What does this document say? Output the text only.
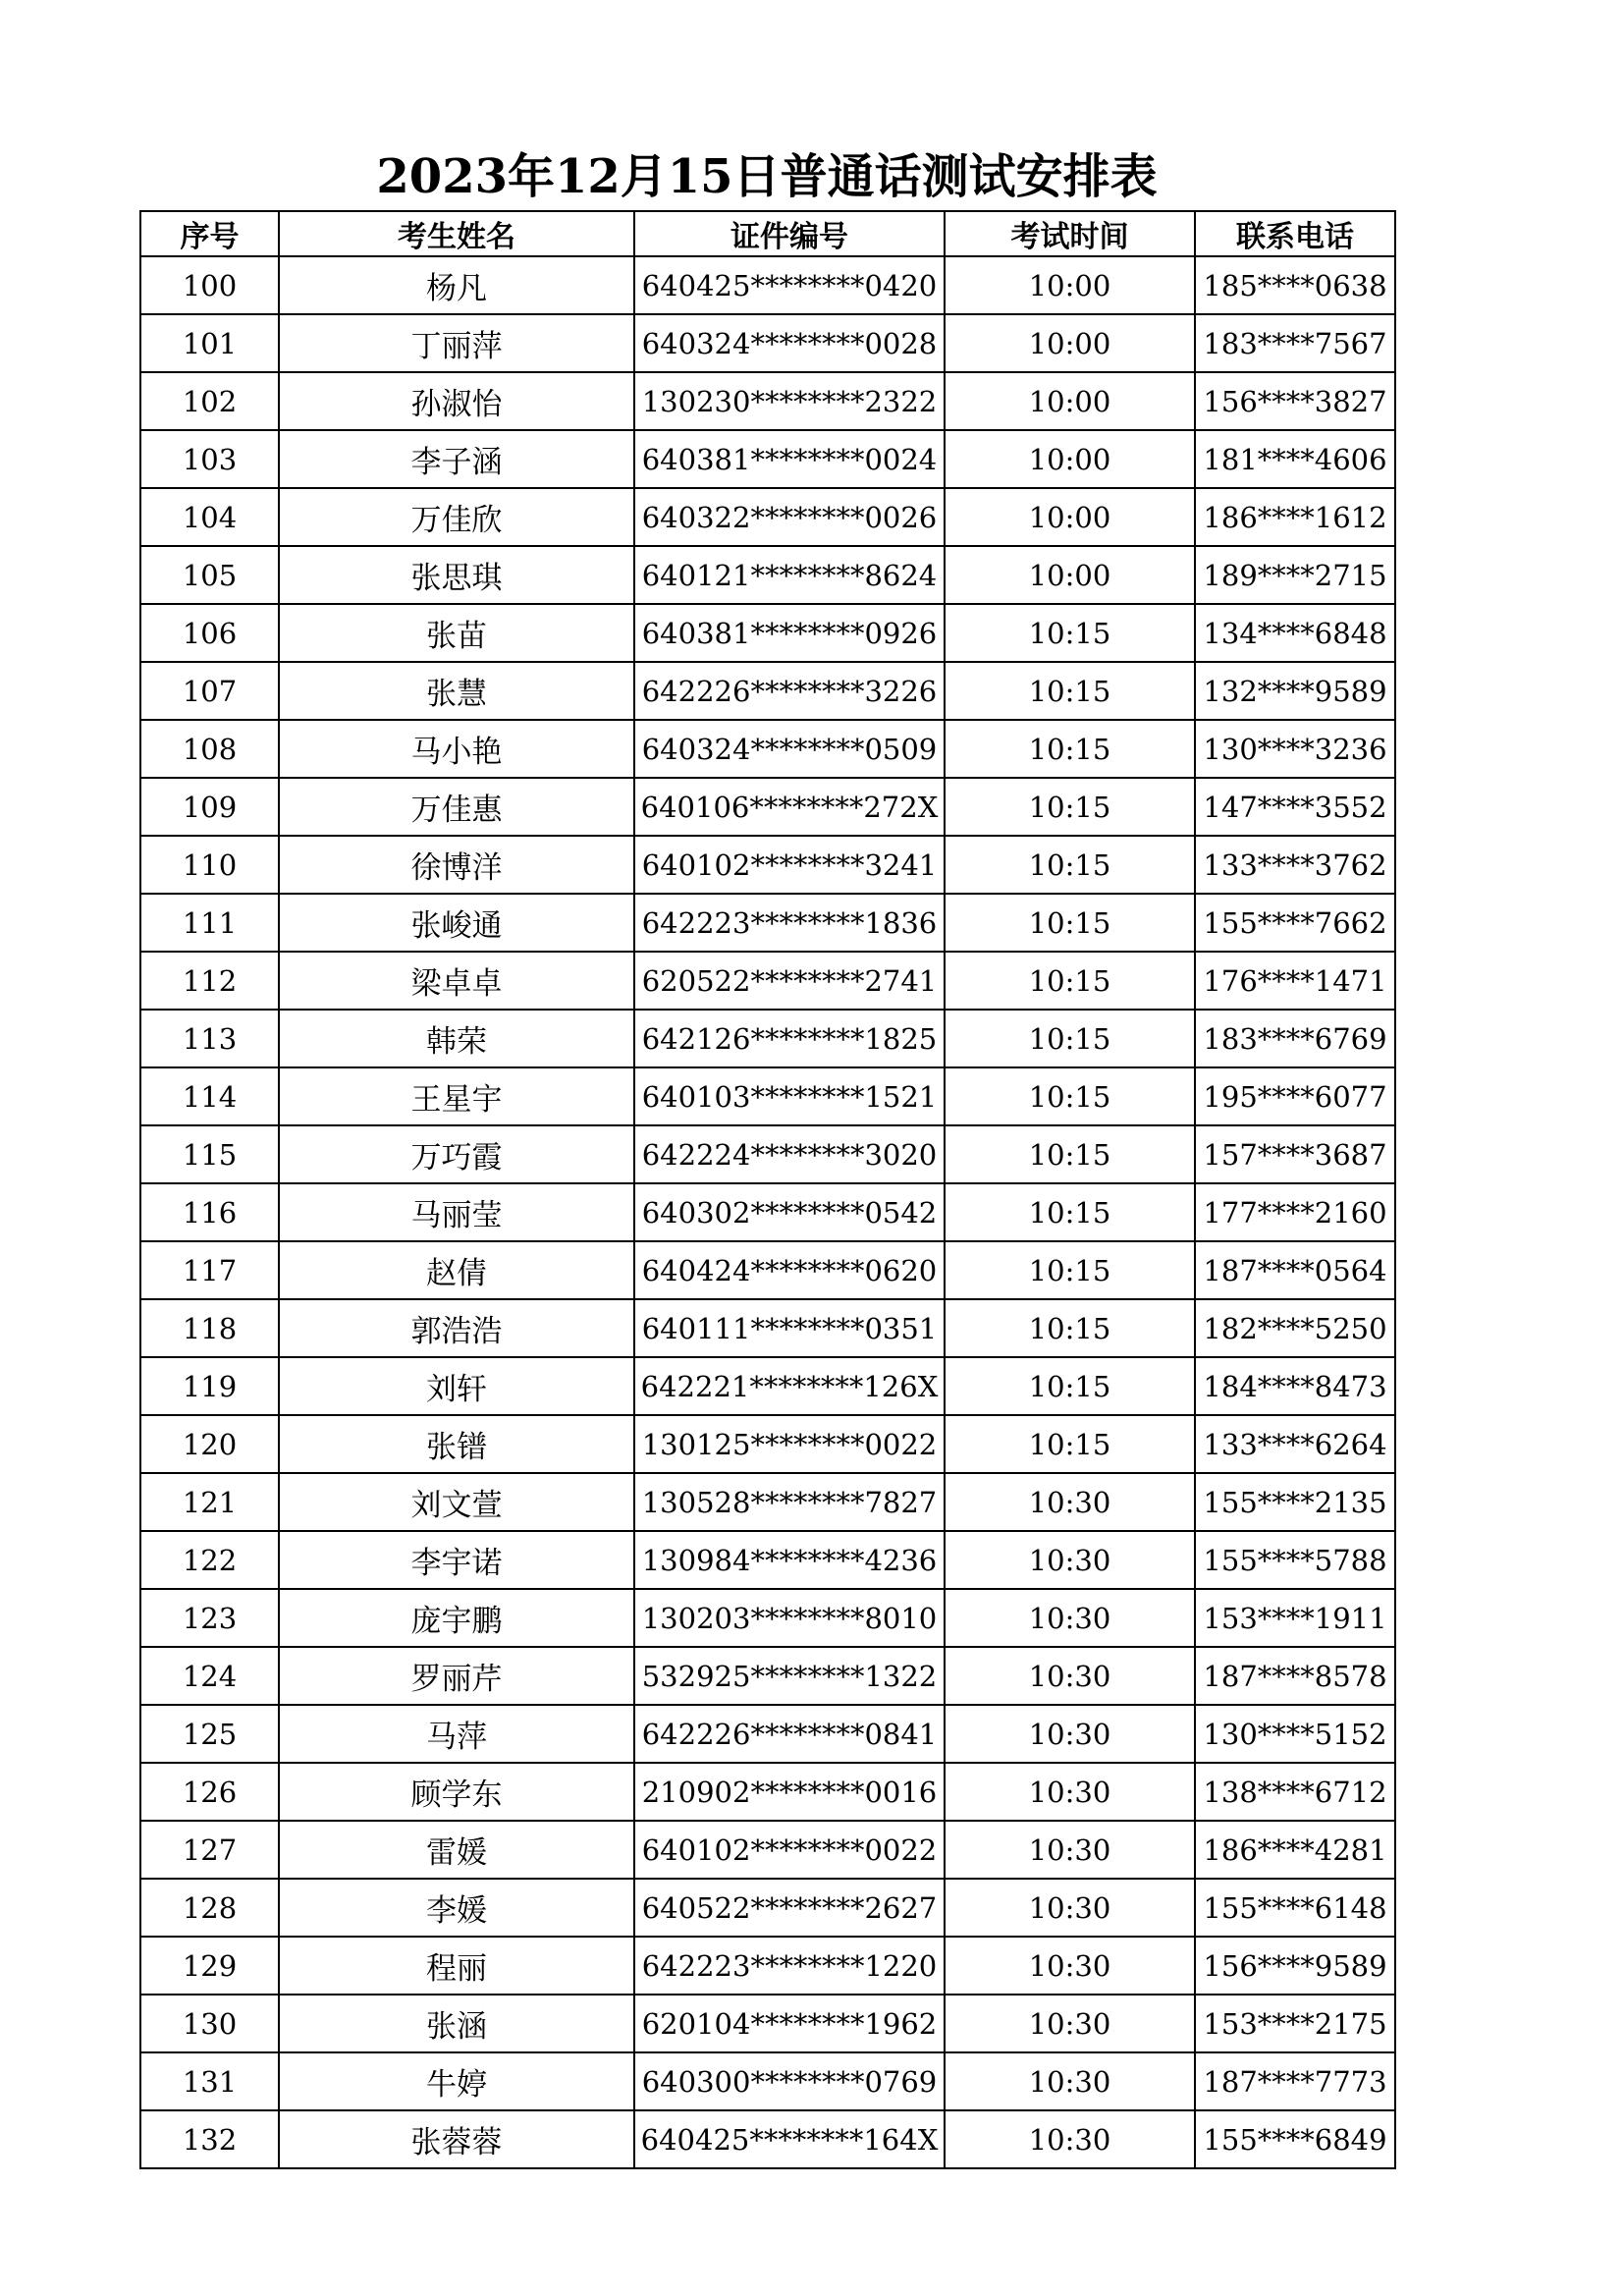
2023年12月15日普通话测试安排表
序号	考生姓名	证件编号	考试时间	联系电话
100	杨凡	640425********0420	10:00	185****0638
101	丁丽萍	640324********0028	10:00	183****7567
102	孙淑怡	130230********2322	10:00	156****3827
103	李子涵	640381********0024	10:00	181****4606
104	万佳欣	640322********0026	10:00	186****1612
105	张思琪	640121********8624	10:00	189****2715
106	张苗	640381********0926	10:15	134****6848
107	张慧	642226********3226	10:15	132****9589
108	马小艳	640324********0509	10:15	130****3236
109	万佳惠	640106********272X	10:15	147****3552
110	徐博洋	640102********3241	10:15	133****3762
111	张峻通	642223********1836	10:15	155****7662
112	梁卓卓	620522********2741	10:15	176****1471
113	韩荣	642126********1825	10:15	183****6769
114	王星宇	640103********1521	10:15	195****6077
115	万巧霞	642224********3020	10:15	157****3687
116	马丽莹	640302********0542	10:15	177****2160
117	赵倩	640424********0620	10:15	187****0564
118	郭浩浩	640111********0351	10:15	182****5250
119	刘轩	642221********126X	10:15	184****8473
120	张镨	130125********0022	10:15	133****6264
121	刘文萱	130528********7827	10:30	155****2135
122	李宇诺	130984********4236	10:30	155****5788
123	庞宇鹏	130203********8010	10:30	153****1911
124	罗丽芹	532925********1322	10:30	187****8578
125	马萍	642226********0841	10:30	130****5152
126	顾学东	210902********0016	10:30	138****6712
127	雷媛	640102********0022	10:30	186****4281
128	李媛	640522********2627	10:30	155****6148
129	程丽	642223********1220	10:30	156****9589
130	张涵	620104********1962	10:30	153****2175
131	牛婷	640300********0769	10:30	187****7773
132	张蓉蓉	640425********164X	10:30	155****6849
